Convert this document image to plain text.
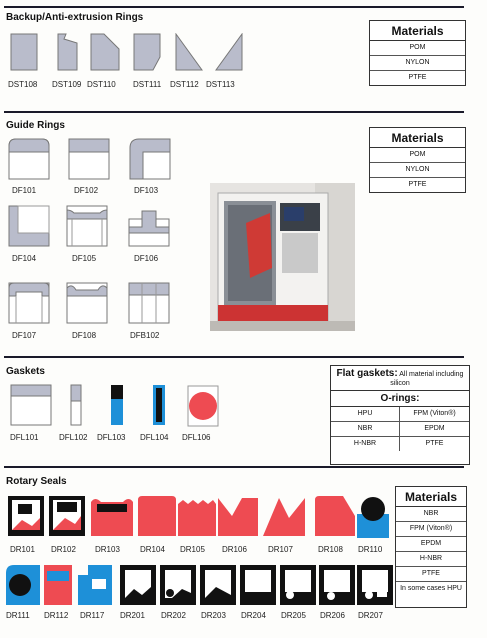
Backup/Anti-extrusion Rings
DST108 DST109 DST110 DST111 DST112 DST113
Materials
POM
NYLON
PTFE
Guide Rings
DF101	DF102	DF103
DF104	DF105	DF106
DF107	DF108	DFB102
Materials
POM
NYLON
PTFE
Gaskets
DFL101	DFL102 DFL103 DFL104 DFL106
Flat gaskets: All material including silicon
O-rings:
HPU	FPM (Viton®)
NBR	EPDM
H-NBR	PTFE
Rotary Seals
DR101 DR102 DR103	DR104 DR105 DR106	DR107	DR108 DR110
DR111 DR112 DR117 DR201 DR202 DR203 DR204 DR205 DR206 DR207
Materials
NBR
FPM (Viton®)
EPDM
H-NBR
PTFE
In some cases HPU
